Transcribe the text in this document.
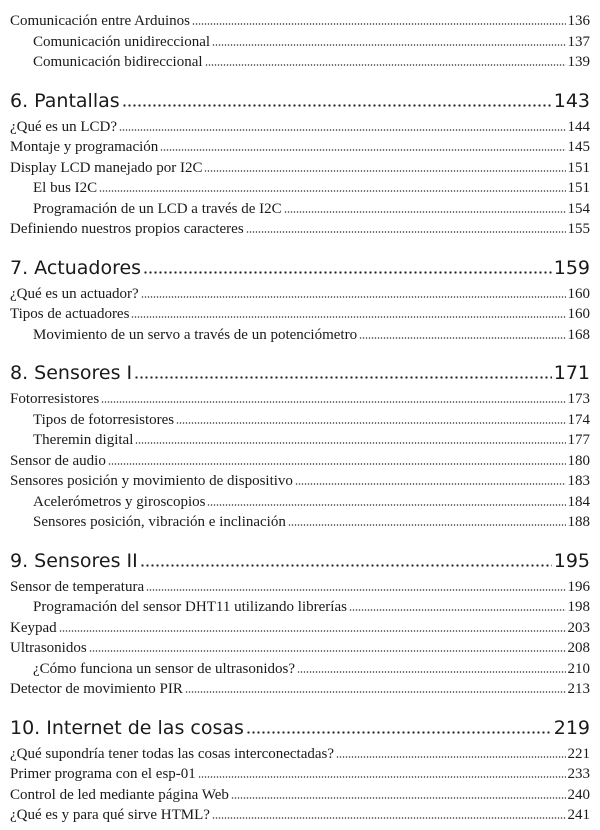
Comunicación entre Arduinos	136
Comunicación unidireccional	137
Comunicación bidireccional	139
6. Pantallas	143
¿Qué es un LCD?	144
Montaje y programación	145
Display LCD manejado por I2C	151
El bus I2C	151
Programación de un LCD a través de I2C	154
Definiendo nuestros propios caracteres	155
7. Actuadores	159
¿Qué es un actuador?	160
Tipos de actuadores	160
Movimiento de un servo a través de un potenciómetro	168
8. Sensores I	171
Fotorresistores	173
Tipos de fotorresistores	174
Theremin digital	177
Sensor de audio	180
Sensores posición y movimiento de dispositivo	183
Acelerómetros y giroscopios	184
Sensores posición, vibración e inclinación	188
9. Sensores II	195
Sensor de temperatura	196
Programación del sensor DHT11 utilizando librerías	198
Keypad	203
Ultrasonidos	208
¿Cómo funciona un sensor de ultrasonidos?	210
Detector de movimiento PIR	213
10. Internet de las cosas	219
¿Qué supondría tener todas las cosas interconectadas?	221
Primer programa con el esp-01	233
Control de led mediante página Web	240
¿Qué es y para qué sirve HTML?	241
